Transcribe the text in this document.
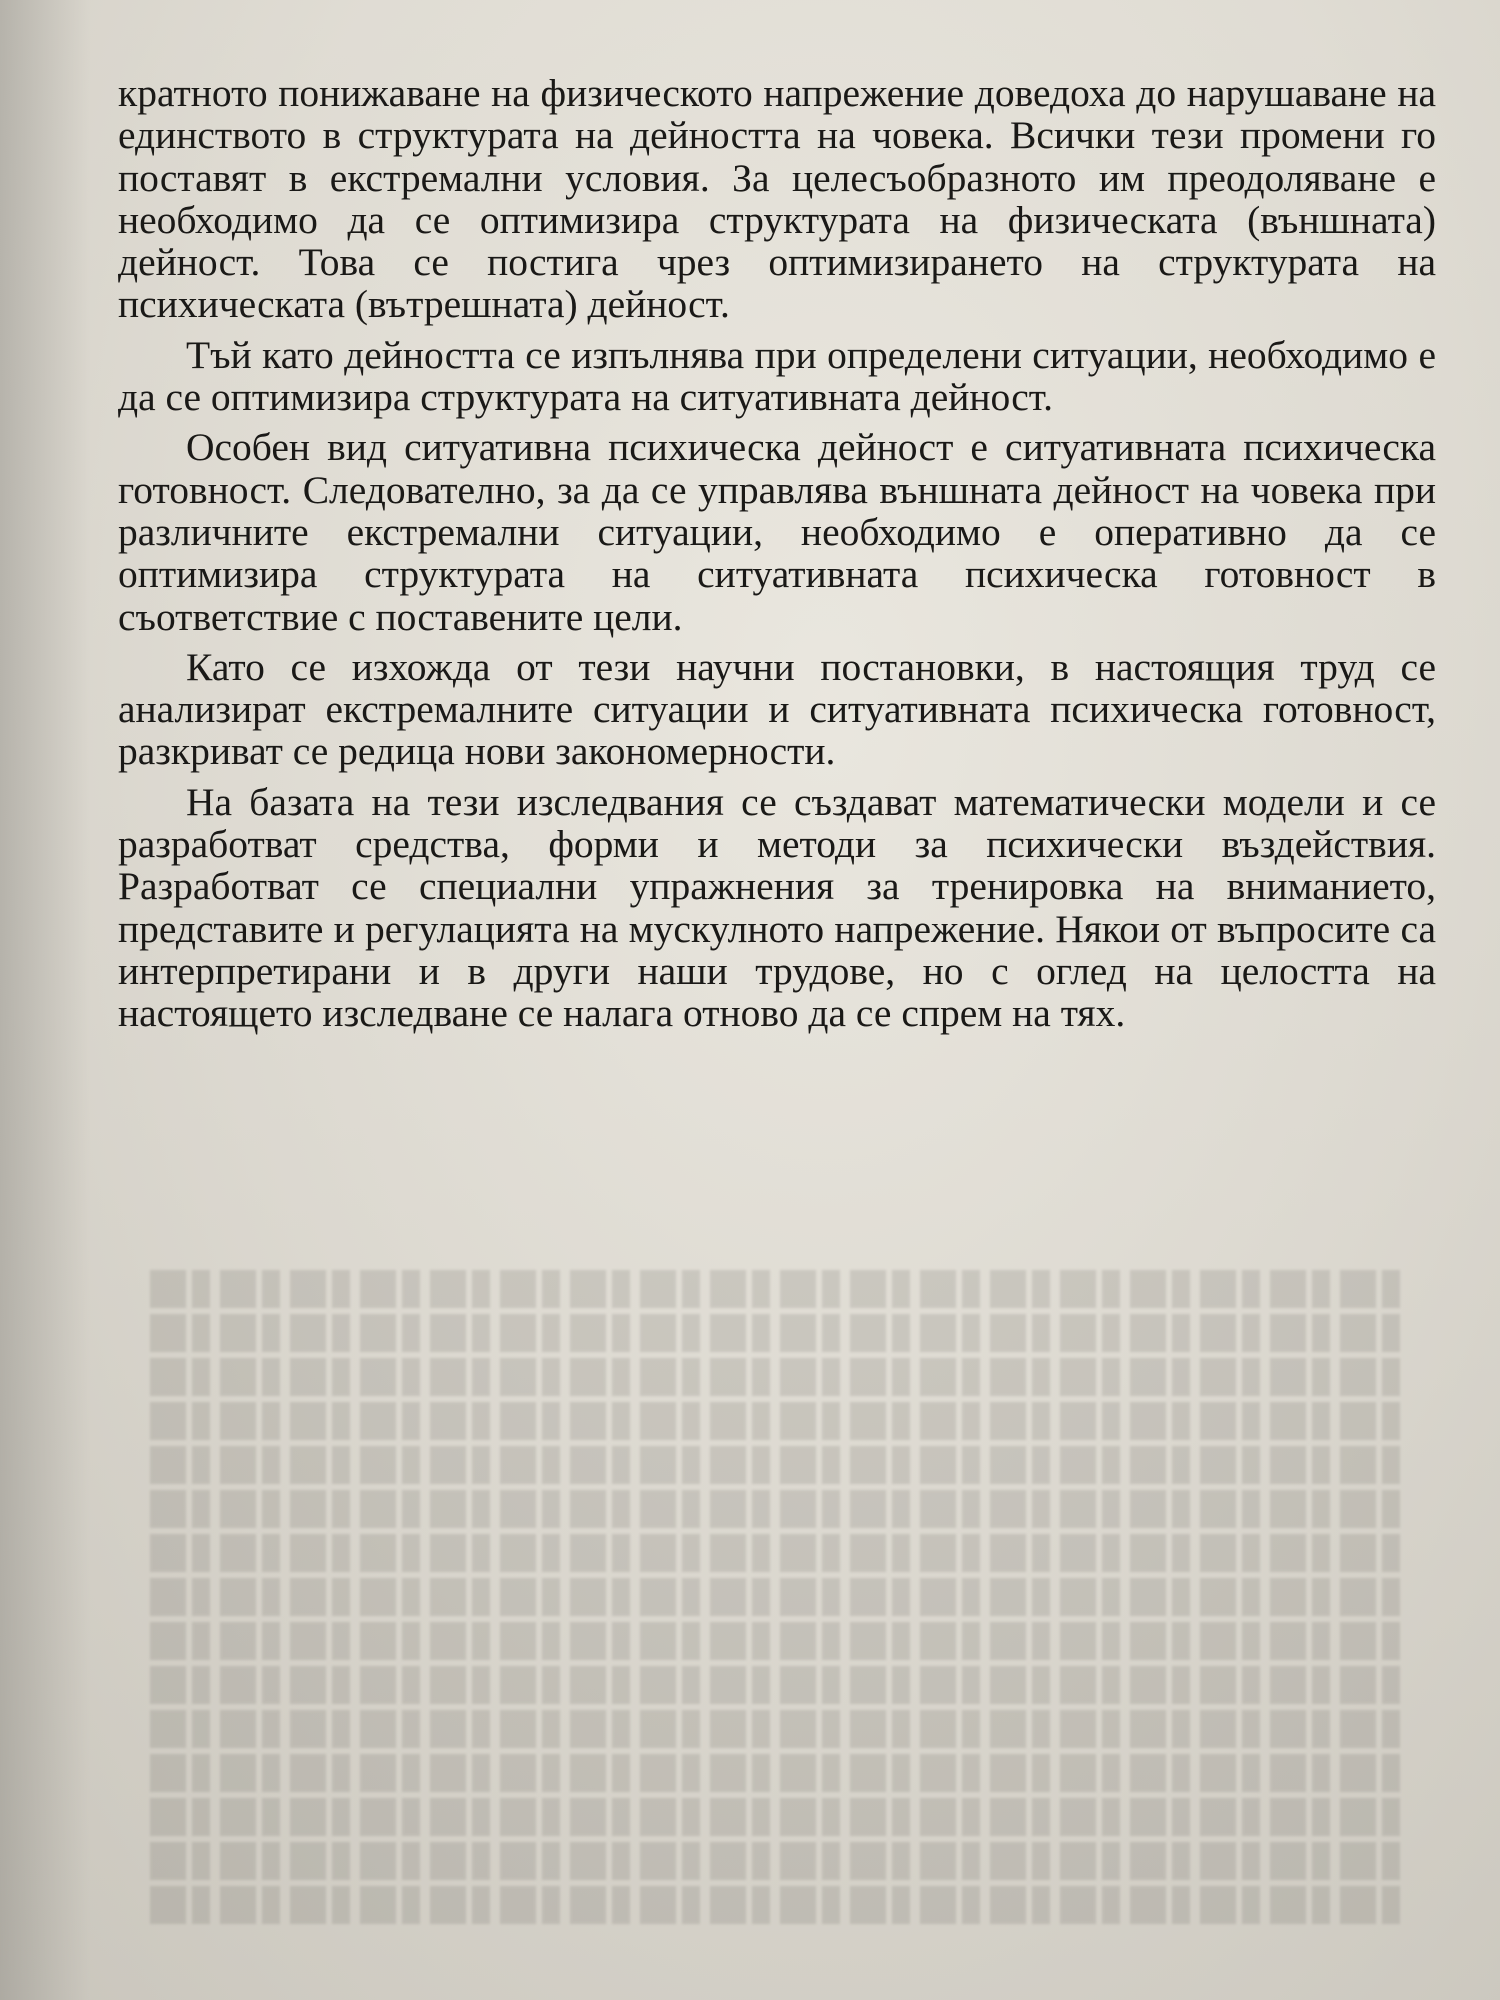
кратното понижаване на физическото напрежение доведоха до нарушаване на единството в структурата на дейността на човека. Всички тези промени го поставят в екстремални условия. За целесъобразното им преодоляване е необходимо да се оптимизира структурата на физическата (външната) дейност. Това се постига чрез оптимизирането на структурата на психическата (вътрешната) дейност.

Тъй като дейността се изпълнява при определени ситуации, необходимо е да се оптимизира структурата на ситуативната дейност.

Особен вид ситуативна психическа дейност е ситуативната психическа готовност. Следователно, за да се управлява външната дейност на човека при различните екстремални ситуации, необходимо е оперативно да се оптимизира структурата на ситуативната психическа готовност в съответствие с поставените цели.

Като се изхожда от тези научни постановки, в настоящия труд се анализират екстремалните ситуации и ситуативната психическа готовност, разкриват се редица нови закономерности.

На базата на тези изследвания се създават математически модели и се разработват средства, форми и методи за психически въздействия. Разработват се специални упражнения за тренировка на вниманието, представите и регулацията на мускулното напрежение. Някои от въпросите са интерпретирани и в други наши трудове, но с оглед на целостта на настоящето изследване се налага отново да се спрем на тях.
